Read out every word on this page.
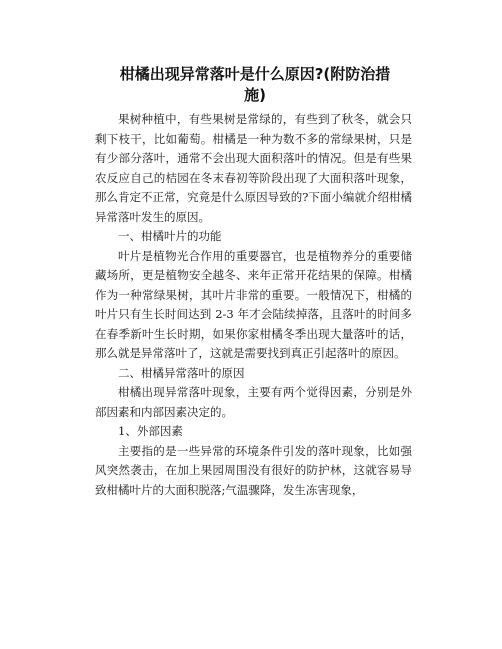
柑橘出现异常落叶是什么原因?(附防治措施)

果树种植中，有些果树是常绿的，有些到了秋冬，就会只剩下枝干，比如葡萄。柑橘是一种为数不多的常绿果树，只是有少部分落叶，通常不会出现大面积落叶的情况。但是有些果农反应自己的桔园在冬末春初等阶段出现了大面积落叶现象，那么肯定不正常，究竟是什么原因导致的?下面小编就介绍柑橘异常落叶发生的原因。

一、柑橘叶片的功能

叶片是植物光合作用的重要器官，也是植物养分的重要储藏场所，更是植物安全越冬、来年正常开花结果的保障。柑橘作为一种常绿果树，其叶片非常的重要。一般情况下，柑橘的叶片只有生长时间达到 2-3 年才会陆续掉落，且落叶的时间多在春季新叶生长时期，如果你家柑橘冬季出现大量落叶的话，那么就是异常落叶了，这就是需要找到真正引起落叶的原因。

二、柑橘异常落叶的原因

柑橘出现异常落叶现象，主要有两个觉得因素，分别是外部因素和内部因素决定的。

1、外部因素

主要指的是一些异常的环境条件引发的落叶现象，比如强风突然袭击，在加上果园周围没有很好的防护林，这就容易导致柑橘叶片的大面积脱落;气温骤降，发生冻害现象，
